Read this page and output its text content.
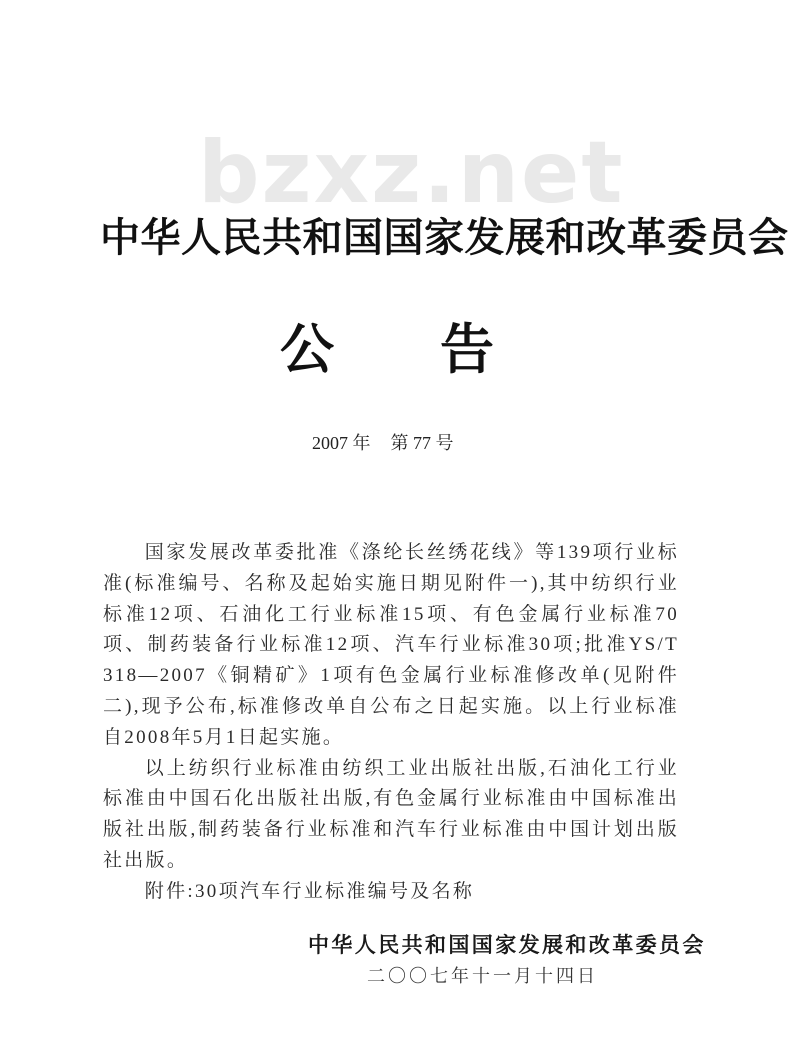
bzxz.net
中华人民共和国国家发展和改革委员会
公 告
2007 年 第 77 号

国家发展改革委批准《涤纶长丝绣花线》等139项行业标准(标准编号、名称及起始实施日期见附件一),其中纺织行业标准12项、石油化工行业标准15项、有色金属行业标准70项、制药装备行业标准12项、汽车行业标准30项;批准YS/T 318—2007《铜精矿》1项有色金属行业标准修改单(见附件二),现予公布,标准修改单自公布之日起实施。以上行业标准自2008年5月1日起实施。

以上纺织行业标准由纺织工业出版社出版,石油化工行业标准由中国石化出版社出版,有色金属行业标准由中国标准出版社出版,制药装备行业标准和汽车行业标准由中国计划出版社出版。

附件:30项汽车行业标准编号及名称

中华人民共和国国家发展和改革委员会
二〇〇七年十一月十四日
